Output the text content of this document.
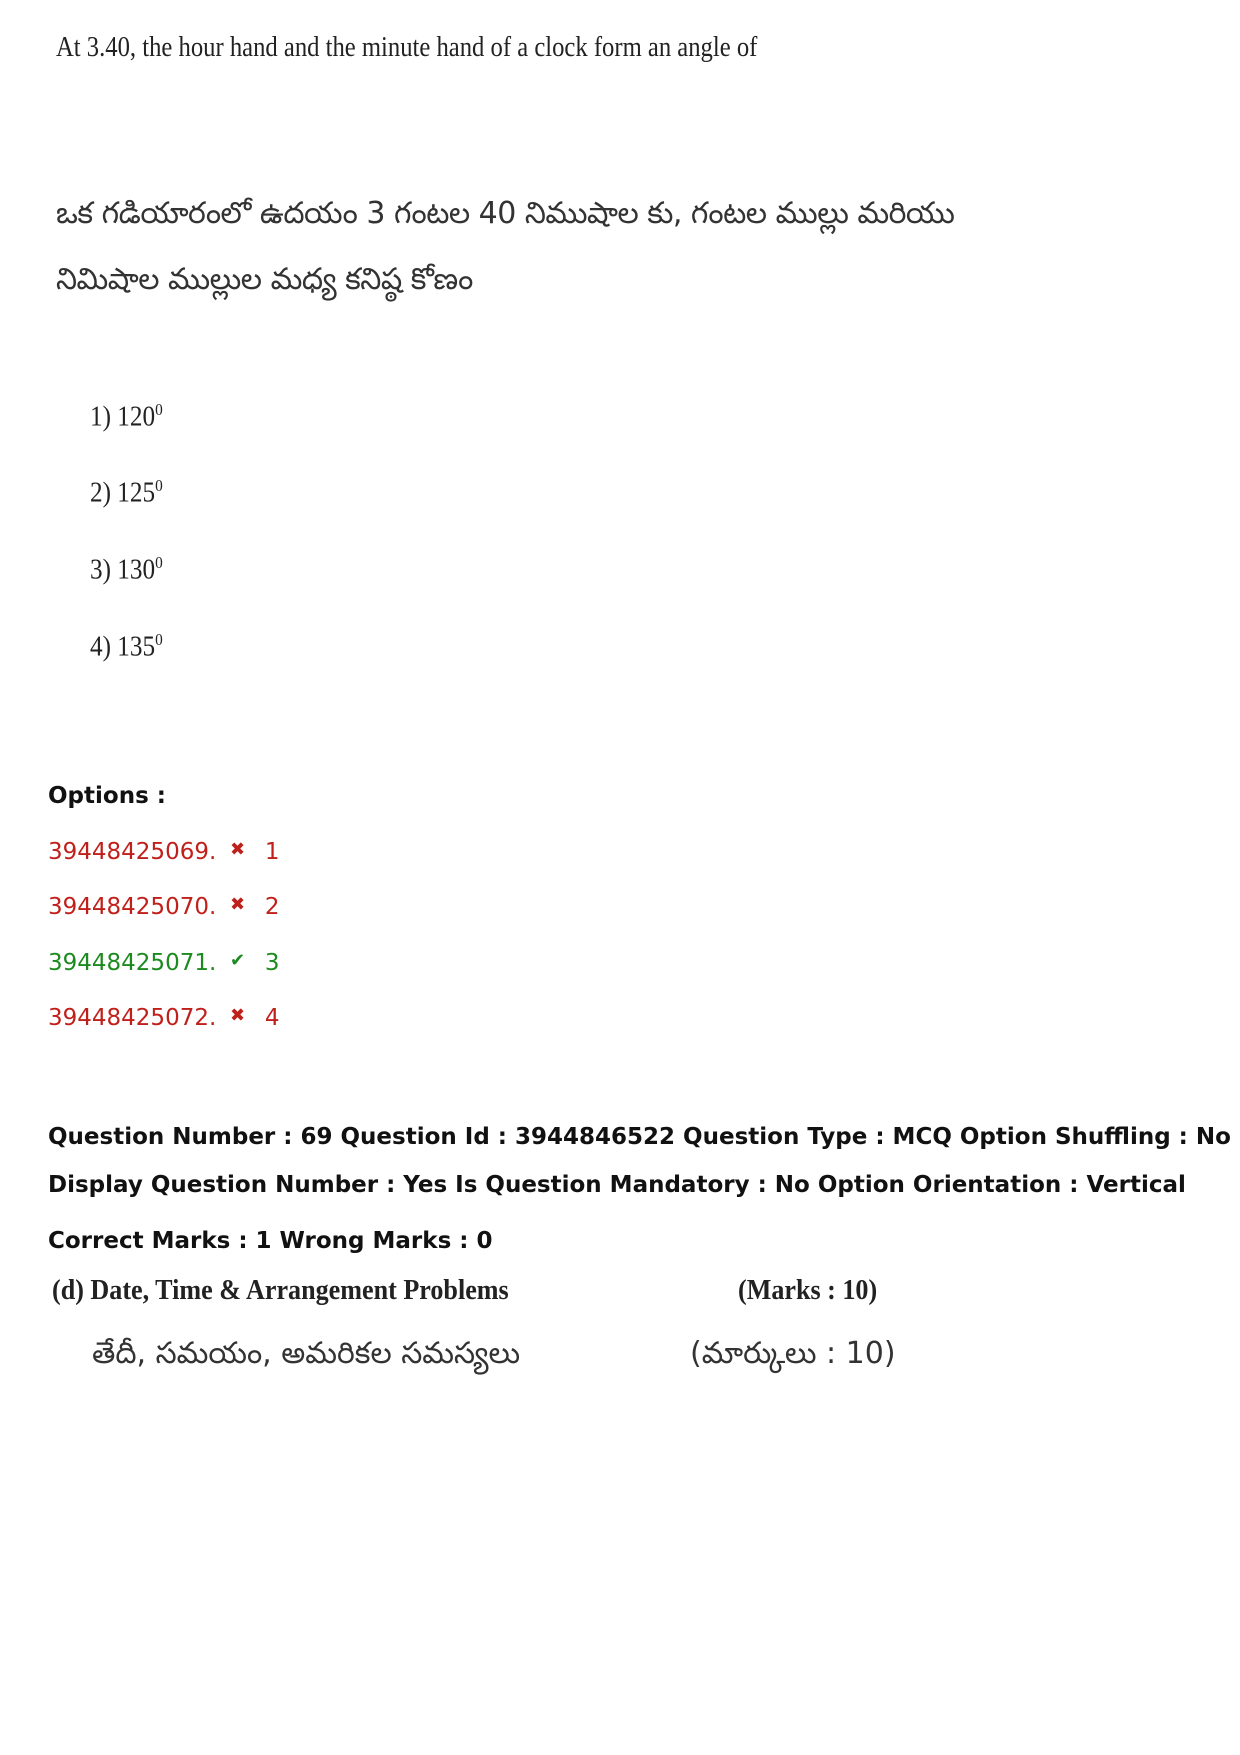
At 3.40, the hour hand and the minute hand of a clock form an angle of
ఒక గడియారంలో ఉదయం 3 గంటల 40 నిముషాల కు, గంటల ముల్లు మరియు
నిమిషాల ముల్లుల మధ్య కనిష్ఠ కోణం
1) $120^0$
2) $125^0$
3) $130^0$
4) $135^0$
Options :
39448425069. ✖ 1
39448425070. ✖ 2
39448425071. ✔ 3
39448425072. ✖ 4
Question Number : 69 Question Id : 3944846522 Question Type : MCQ Option Shuffling : No
Display Question Number : Yes Is Question Mandatory : No Option Orientation : Vertical
Correct Marks : 1 Wrong Marks : 0
(d) Date, Time & Arrangement Problems	(Marks : 10)
తేదీ, సమయం, అమరికల సమస్యలు	(మార్కులు : 10)
